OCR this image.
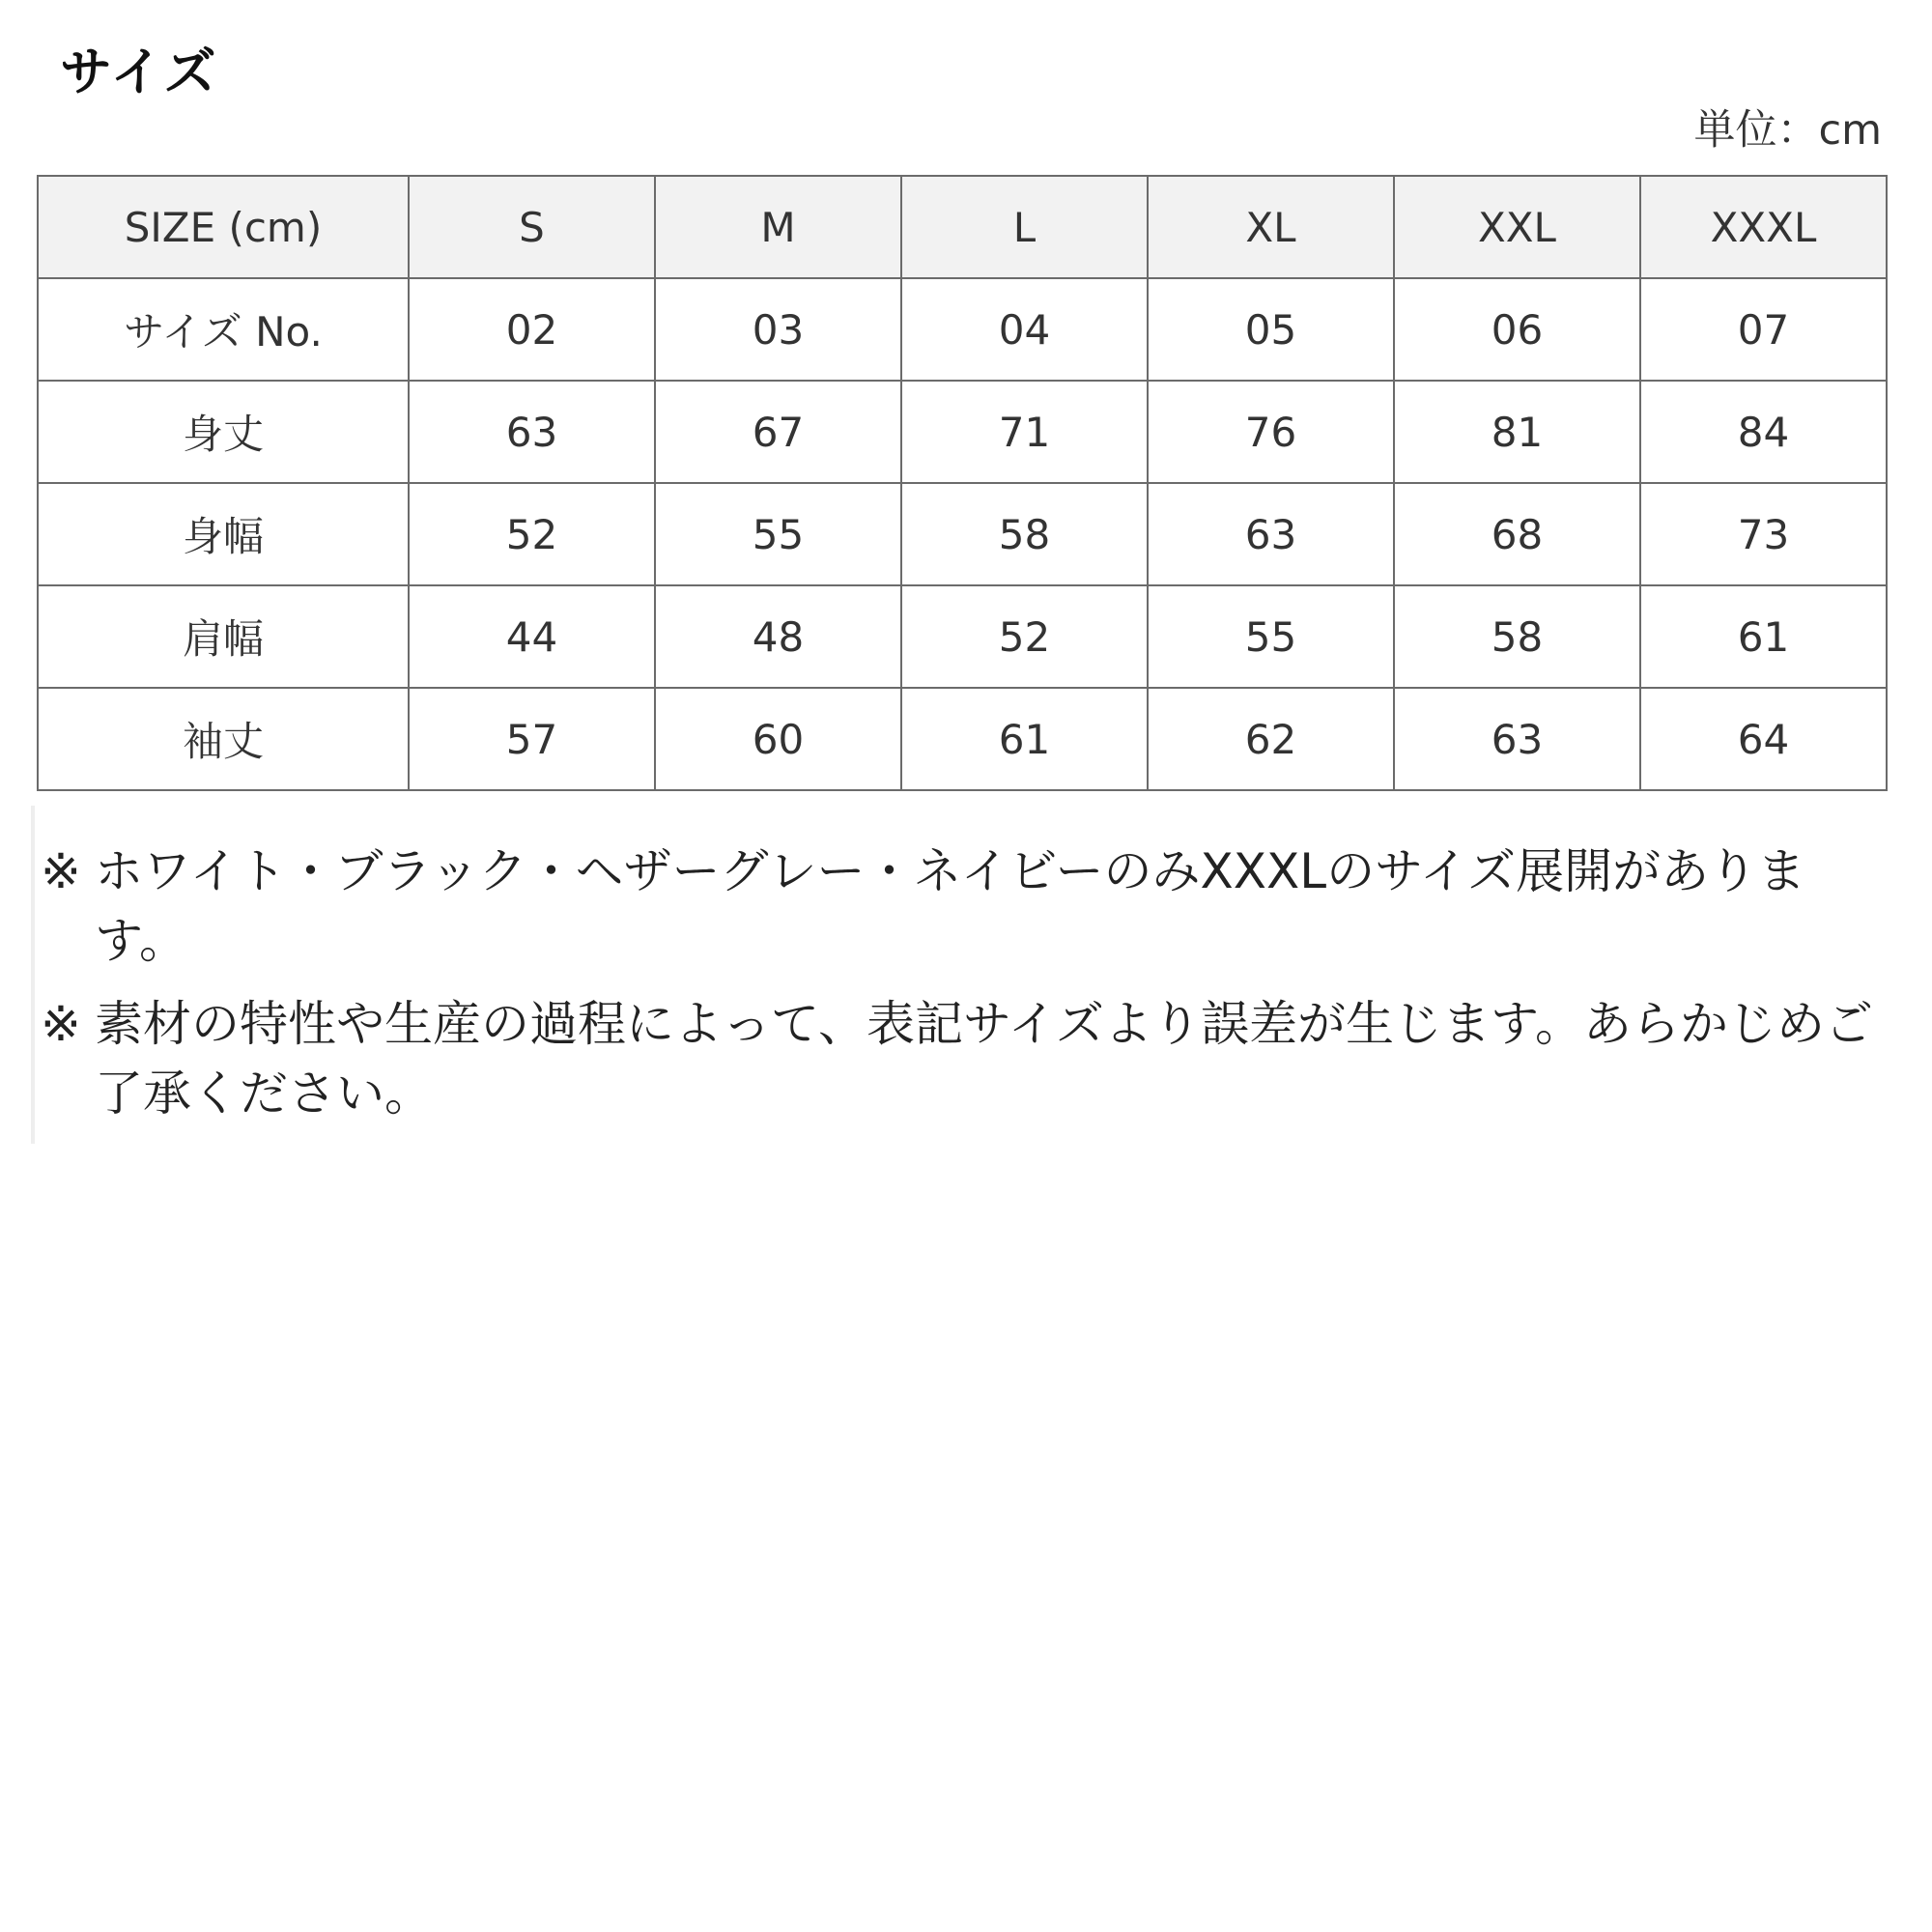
サイズ
単位：cm
SIZE (cm)	S	M	L	XL	XXL	XXXL
サイズ No.	02	03	04	05	06	07
身丈	63	67	71	76	81	84
身幅	52	55	58	63	68	73
肩幅	44	48	52	55	58	61
袖丈	57	60	61	62	63	64
※ ホワイト・ブラック・ヘザーグレー・ネイビーのみXXXLのサイズ展開があります。
※ 素材の特性や生産の過程によって、表記サイズより誤差が生じます。あらかじめご了承ください。
